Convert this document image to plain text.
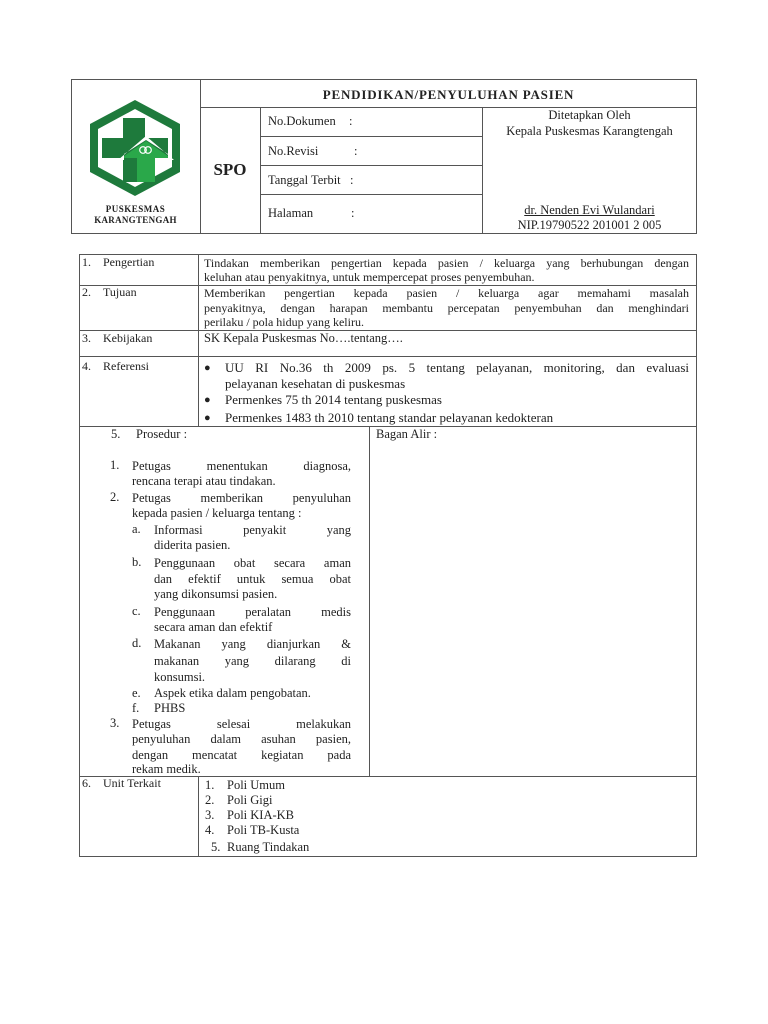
PUSKESMAS
KARANGTENGAH
PENDIDIKAN/PENYULUHAN PASIEN
SPO
No.Dokumen :
No.Revisi	:
Tanggal Terbit :
Halaman	:
Ditetapkan Oleh
Kepala Puskesmas Karangtengah
dr. Nenden Evi Wulandari
NIP.19790522 201001 2 005
1. Pengertian	Tindakan memberikan pengertian kepada pasien / keluarga yang berhubungan dengan
keluhan atau penyakitnya, untuk mempercepat proses penyembuhan.
2. Tujuan	Memberikan pengertian kepada pasien / keluarga agar memahami masalah
penyakitnya, dengan harapan membantu percepatan penyembuhan dan menghindari
perilaku / pola hidup yang keliru.
3. Kebijakan	SK Kepala Puskesmas No….tentang….
4. Referensi	● UU RI No.36 th 2009 ps. 5 tentang pelayanan, monitoring, dan evaluasi
pelayanan kesehatan di puskesmas
● Permenkes 75 th 2014 tentang puskesmas
● Permenkes 1483 th 2010 tentang standar pelayanan kedokteran
5. Prosedur :
1. Petugas menentukan diagnosa,
rencana terapi atau tindakan.
2. Petugas memberikan penyuluhan
kepada pasien / keluarga tentang :
a. Informasi penyakit yang
diderita pasien.
b. Penggunaan obat secara aman
dan efektif untuk semua obat
yang dikonsumsi pasien.
c. Penggunaan peralatan medis
secara aman dan efektif
d. Makanan yang dianjurkan &
makanan yang dilarang di
konsumsi.
e. Aspek etika dalam pengobatan.
f. PHBS
3. Petugas selesai melakukan
penyuluhan dalam asuhan pasien,
dengan mencatat kegiatan pada
rekam medik.
Bagan Alir :
6. Unit Terkait	1. Poli Umum
2. Poli Gigi
3. Poli KIA-KB
4. Poli TB-Kusta
5. Ruang Tindakan
